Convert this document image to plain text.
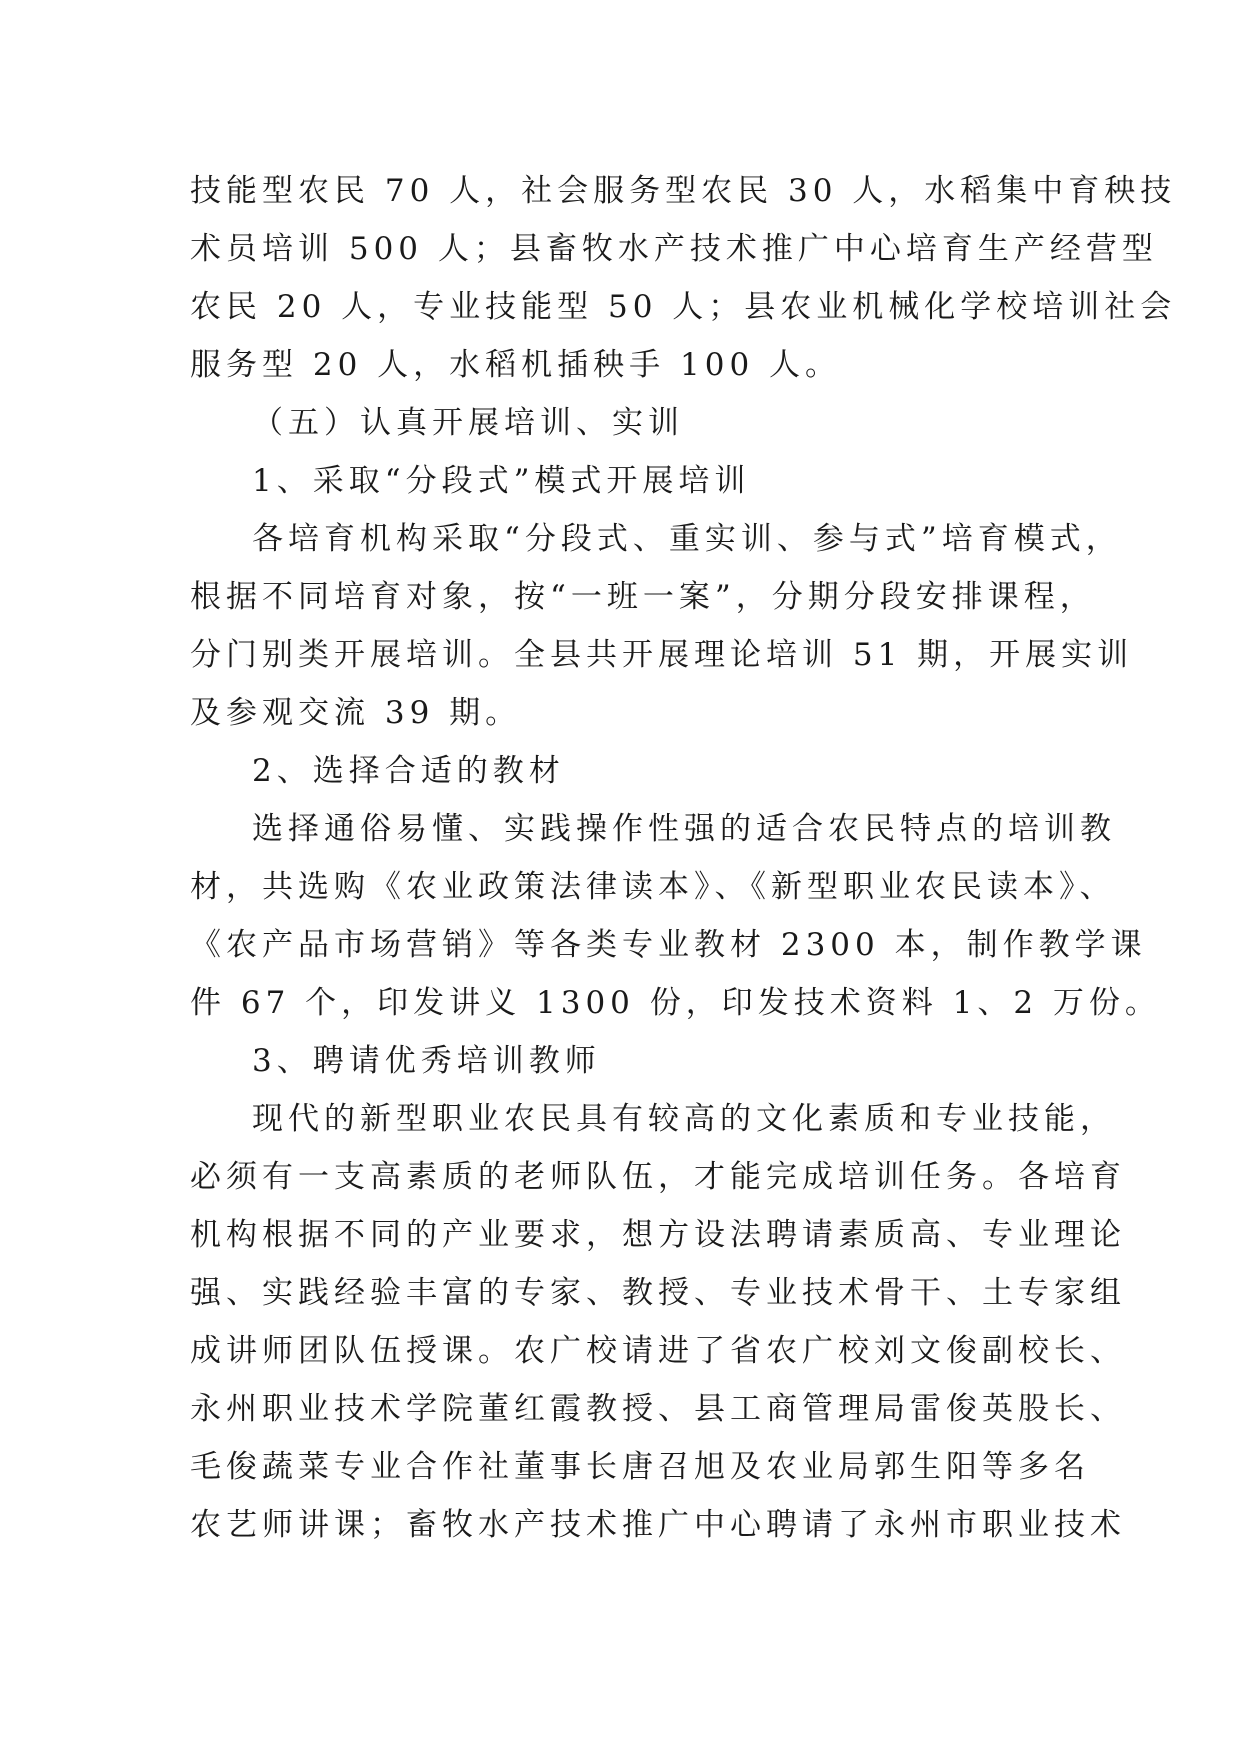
技能型农民 70 人，社会服务型农民 30 人，水稻集中育秧技
术员培训 500 人；县畜牧水产技术推广中心培育生产经营型
农民 20 人，专业技能型 50 人；县农业机械化学校培训社会
服务型 20 人，水稻机插秧手 100 人。
（五）认真开展培训、实训
1、采取“分段式”模式开展培训
各培育机构采取“分段式、重实训、参与式”培育模式，
根据不同培育对象，按“一班一案”，分期分段安排课程，
分门别类开展培训。全县共开展理论培训 51 期，开展实训
及参观交流 39 期。
2、选择合适的教材
选择通俗易懂、实践操作性强的适合农民特点的培训教
材，共选购《农业政策法律读本》、《新型职业农民读本》、
《农产品市场营销》等各类专业教材 2300 本，制作教学课
件 67 个，印发讲义 1300 份，印发技术资料 1、2 万份。
3、聘请优秀培训教师
现代的新型职业农民具有较高的文化素质和专业技能，
必须有一支高素质的老师队伍，才能完成培训任务。各培育
机构根据不同的产业要求，想方设法聘请素质高、专业理论
强、实践经验丰富的专家、教授、专业技术骨干、土专家组
成讲师团队伍授课。农广校请进了省农广校刘文俊副校长、
永州职业技术学院董红霞教授、县工商管理局雷俊英股长、
毛俊蔬菜专业合作社董事长唐召旭及农业局郭生阳等多名
农艺师讲课；畜牧水产技术推广中心聘请了永州市职业技术
